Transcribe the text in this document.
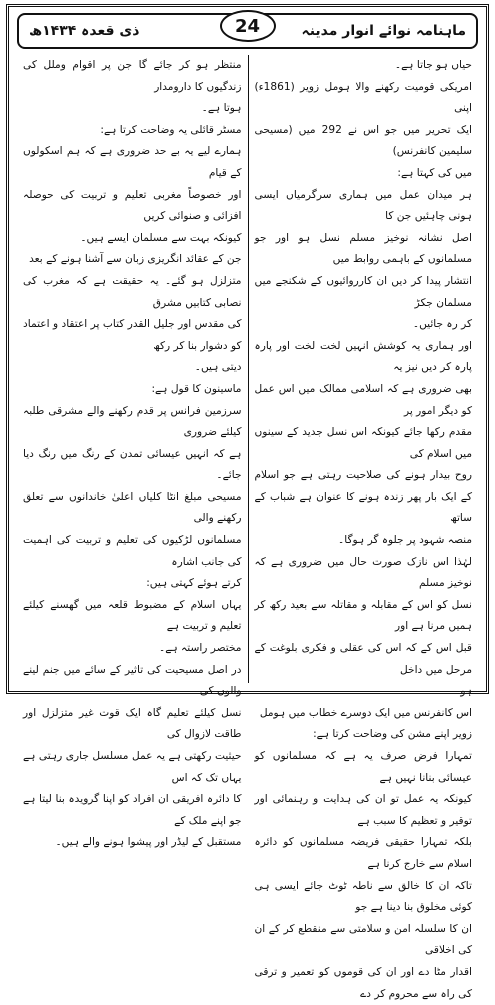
ذی قعدہ ۱۴۳۴ھ	ماہنامہ نوائے انوار مدینہ
24

حیاں ہو جاتا ہے۔

امریکی قومیت رکھنے والا ہومل زویر (1861ء) اپنی

ایک تحریر میں جو اس نے 292 میں (مسیحی سلیمین کانفرنس)

میں کی کہتا ہے:

ہر میدان عمل میں ہماری سرگرمیاں ایسی ہونی چاہئیں جن کا

اصل نشانہ نوخیز مسلم نسل ہو اور جو مسلمانوں کے باہمی روابط میں

انتشار پیدا کر دیں ان کارروائیوں کے شکنجے میں مسلمان جکڑ

کر رہ جائیں۔

اور ہماری یہ کوشش انہیں لخت لخت اور پارہ پارہ کر دیں نیز یہ

بھی ضروری ہے کہ اسلامی ممالک میں اس عمل کو دیگر امور پر

مقدم رکھا جائے کیونکہ اس نسل جدید کے سینوں میں اسلام کی

روح بیدار ہونے کی صلاحیت رہتی ہے جو اسلام کے ایک بار پھر زندہ ہونے کا عنوان ہے شباب کے ساتھ

منصہ شہود پر جلوہ گر ہوگا۔

لہٰذا اس نازک صورت حال میں ضروری ہے کہ نوخیز مسلم

نسل کو اس کے مقابلہ و مقاتلہ سے بعید رکھ کر ہمیں مرنا ہے اور

قبل اس کے کہ اس کی عقلی و فکری بلوغت کے مرحل میں داخل

ہو۔

اس کانفرنس میں ایک دوسرے خطاب میں ہومل

زویر اپنے مشن کی وضاحت کرتا ہے:

تمہارا فرض صرف یہ ہے کہ مسلمانوں کو عیسائی بنانا نہیں ہے

کیونکہ یہ عمل تو ان کی ہدایت و رہنمائی اور توقیر و تعظیم کا سبب ہے

بلکہ تمہارا حقیقی فریضہ مسلمانوں کو دائرہ اسلام سے خارج کرنا ہے

تاکہ ان کا خالق سے ناطہ ٹوٹ جائے ایسی ہی کوئی مخلوق بنا دینا ہے جو

ان کا سلسلہ امن و سلامتی سے منقطع کر کے ان کی اخلاقی

اقدار مٹا دے اور ان کی قوموں کو تعمیر و ترقی کی راہ سے محروم کر دے

منتظر ہو کر جائے گا جن پر اقوام وملل کی زندگیوں کا دارومدار

ہوتا ہے۔

مسٹر قائلی یہ وضاحت کرتا ہے:

ہمارے لیے یہ بے حد ضروری ہے کہ ہم اسکولوں کے قیام

اور خصوصاً مغربی تعلیم و تربیت کی حوصلہ افزائی و صنوائی کریں

کیونکہ بہت سے مسلمان ایسے ہیں۔

جن کے عقائد انگریزی زبان سے آشنا ہونے کے بعد

متزلزل ہو گئے۔ یہ حقیقت ہے کہ مغرب کی نصابی کتابیں مشرق

کی مقدس اور جلیل القدر کتاب پر اعتقاد و اعتماد کو دشوار بنا کر رکھ

دیتی ہیں۔

ماسینون کا قول ہے:

سرزمین فرانس پر قدم رکھنے والے مشرقی طلبہ کیلئے ضروری

ہے کہ انہیں عیسائی تمدن کے رنگ میں رنگ دیا جائے۔

مسیحی مبلغ انٹا کلیاں اعلیٰ خاندانوں سے تعلق رکھنے والی

مسلمانوں لڑکیوں کی تعلیم و تربیت کی اہمیت کی جانب اشارہ

کرتے ہوئے کہتی ہیں:

یہاں اسلام کے مضبوط قلعہ میں گھسنے کیلئے تعلیم و تربیت ہے

مختصر راستہ ہے۔

در اصل مسیحیت کی تاثیر کے سائے میں جنم لینے والوں کی

نسل کیلئے تعلیم گاہ ایک قوت غیر متزلزل اور طاقت لازوال کی

حیثیت رکھتی ہے یہ عمل مسلسل جاری رہتی ہے یہاں تک کہ اس

کا دائرہ افریقی ان افراد کو اپنا گرویدہ بنا لیتا ہے جو اپنے ملک کے

مستقبل کے لیڈر اور پیشوا ہونے والے ہیں۔
